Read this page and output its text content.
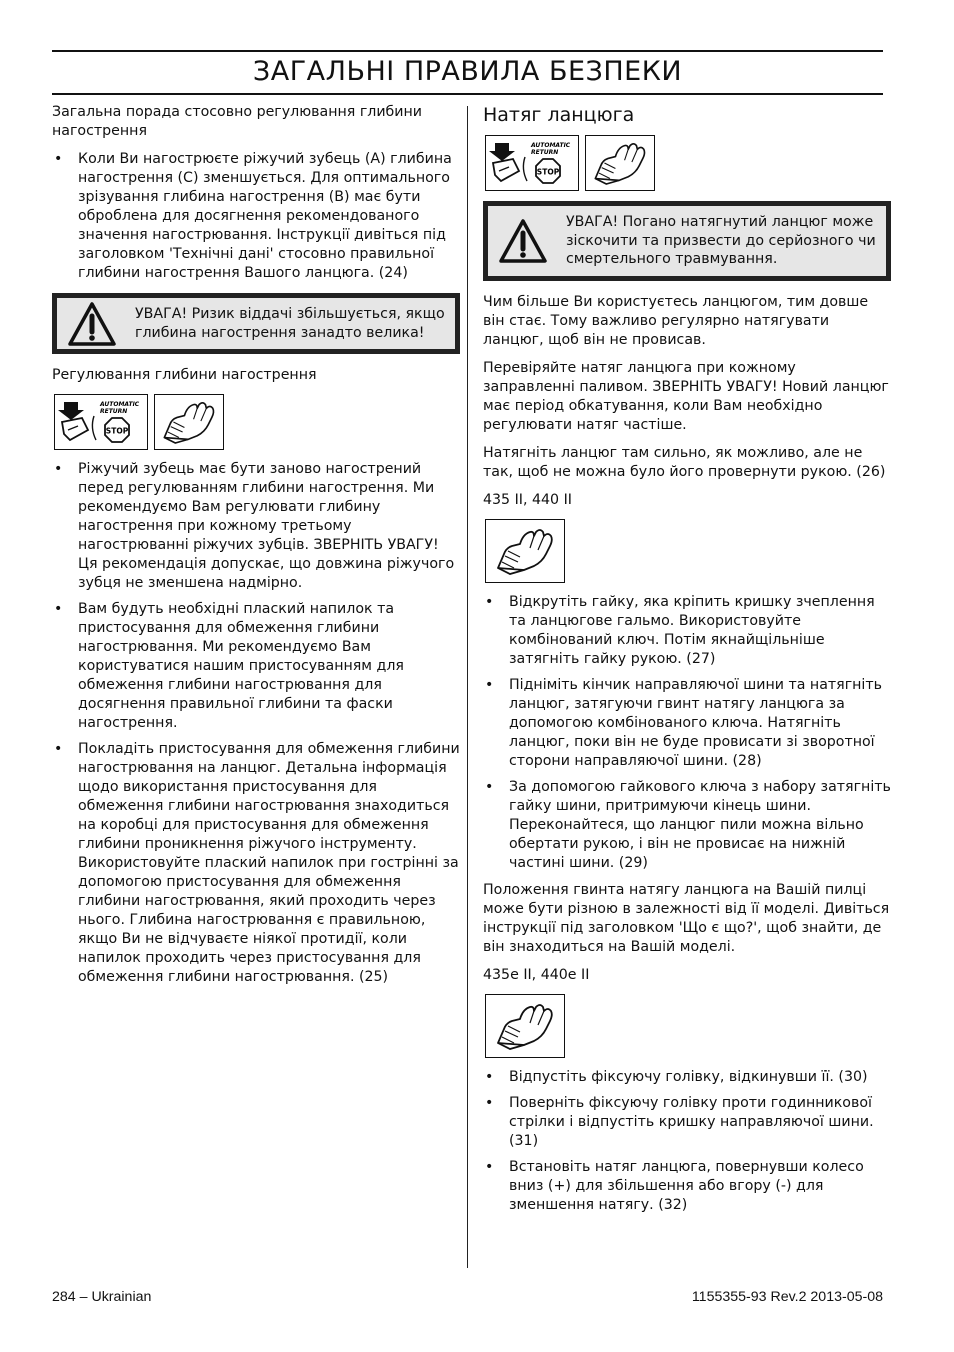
ЗАГАЛЬНІ ПРАВИЛА БЕЗПЕКИ

Загальна порада стосовно регулювання глибини нагострення

• Коли Ви нагострюєте ріжучий зубець (A) глибина нагострення (C) зменшується. Для оптимального зрізування глибина нагострення (B) має бути оброблена для досягнення рекомендованого значення нагострювання. Інструкції дивіться під заголовком 'Технічні дані' стосовно правильної глибини нагострення Вашого ланцюга. (24)
УВАГА! Ризик віддачі збільшується, якщо глибина нагострення занадто велика!

Регулювання глибини нагострення

AUTOMATIC
RETURN
STOP
• Ріжучий зубець має бути заново нагострений перед регулюванням глибини нагострення. Ми рекомендуємо Вам регулювати глибину нагострення при кожному третьому нагострюванні ріжучих зубців. ЗВЕРНІТЬ УВАГУ! Ця рекомендація допускає, що довжина ріжучого зубця не зменшена надмірно.
• Вам будуть необхідні плаский напилок та пристосування для обмеження глибини нагострювання. Ми рекомендуємо Вам користуватися нашим пристосуванням для обмеження глибини нагострювання для досягнення правильної глибини та фаски нагострення.
• Покладіть пристосування для обмеження глибини нагострювання на ланцюг. Детальна інформація щодо використання пристосування для обмеження глибини нагострювання знаходиться на коробці для пристосування для обмеження глибини проникнення ріжучого інструменту. Використовуйте плаский напилок при гострінні за допомогою пристосування для обмеження глибини нагострювання, який проходить через нього. Глибина нагострювання є правильною, якщо Ви не відчуваєте ніякої протидії, коли напилок проходить через пристосування для обмеження глибини нагострювання. (25)
Натяг ланцюга
AUTOMATIC
RETURN
STOP
УВАГА! Погано натягнутий ланцюг може зіскочити та призвести до серйозного чи смертельного травмування.

Чим більше Ви користуєтесь ланцюгом, тим довше він стає. Тому важливо регулярно натягувати ланцюг, щоб він не провисав.

Перевіряйте натяг ланцюга при кожному заправленні паливом. ЗВЕРНІТЬ УВАГУ! Новий ланцюг має період обкатування, коли Вам необхідно регулювати натяг частіше.

Натягніть ланцюг там сильно, як можливо, але не так, щоб не можна було його провернути рукою. (26)

435 II, 440 II

• Відкрутіть гайку, яка кріпить кришку зчеплення та ланцюгове гальмо. Використовуйте комбінований ключ. Потім якнайщільніше затягніть гайку рукою. (27)
• Підніміть кінчик направляючої шини та натягніть ланцюг, затягуючи гвинт натягу ланцюга за допомогою комбінованого ключа. Натягніть ланцюг, поки він не буде провисати зі зворотної сторони направляючої шини. (28)
• За допомогою гайкового ключа з набору затягніть гайку шини, притримуючи кінець шини. Переконайтеся, що ланцюг пили можна вільно обертати рукою, і він не провисає на нижній частині шини. (29)

Положення гвинта натягу ланцюга на Вашій пилці може бути різною в залежності від її моделі. Дивіться інструкції під заголовком 'Що є що?', щоб знайти, де він знаходиться на Вашій моделі.

435e II, 440e II

• Відпустіть фіксуючу голівку, відкинувши її. (30)
• Поверніть фіксуючу голівку проти годинникової стрілки і відпустіть кришку направляючої шини. (31)
• Встановіть натяг ланцюга, повернувши колесо вниз (+) для збільшення або вгору (-) для зменшення натягу. (32)
284 – Ukrainian	1155355-93 Rev.2 2013-05-08
